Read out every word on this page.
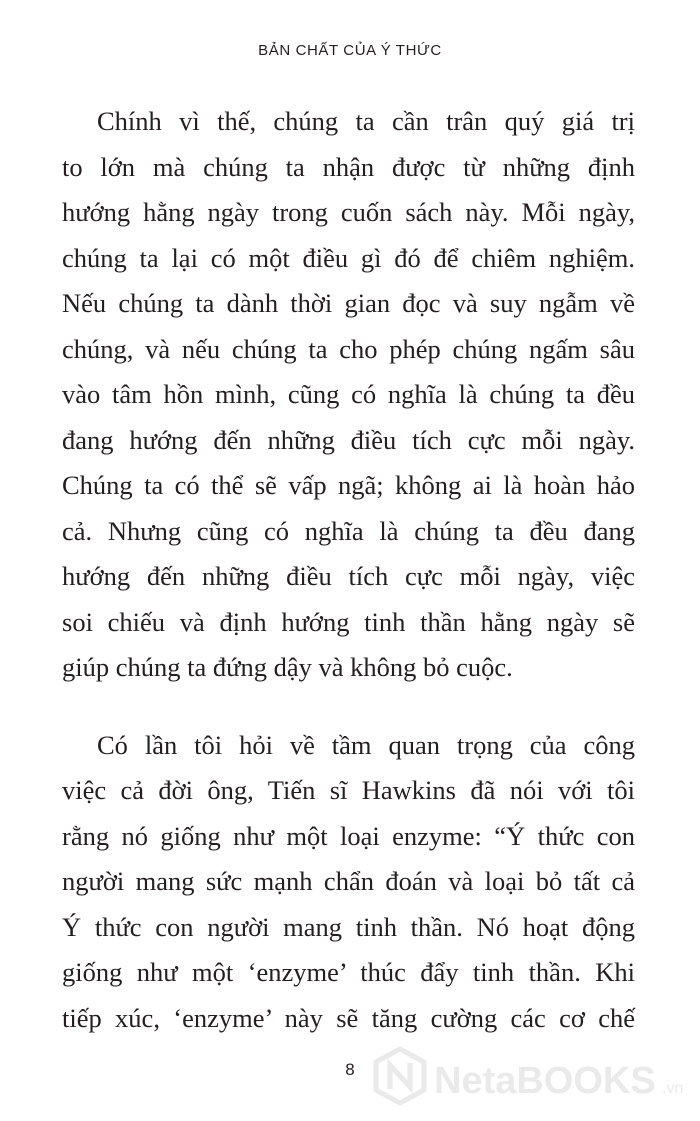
BẢN CHẤT CỦA Ý THỨC
Chính vì thế, chúng ta cần trân quý giá trị
to lớn mà chúng ta nhận được từ những định
hướng hằng ngày trong cuốn sách này. Mỗi ngày,
chúng ta lại có một điều gì đó để chiêm nghiệm.
Nếu chúng ta dành thời gian đọc và suy ngẫm về
chúng, và nếu chúng ta cho phép chúng ngấm sâu
vào tâm hồn mình, cũng có nghĩa là chúng ta đều
đang hướng đến những điều tích cực mỗi ngày.
Chúng ta có thể sẽ vấp ngã; không ai là hoàn hảo
cả. Nhưng cũng có nghĩa là chúng ta đều đang
hướng đến những điều tích cực mỗi ngày, việc
soi chiếu và định hướng tinh thần hằng ngày sẽ
giúp chúng ta đứng dậy và không bỏ cuộc.
Có lần tôi hỏi về tầm quan trọng của công
việc cả đời ông, Tiến sĩ Hawkins đã nói với tôi
rằng nó giống như một loại enzyme: “Ý thức con
người mang sức mạnh chẩn đoán và loại bỏ tất cả
Ý thức con người mang tinh thần. Nó hoạt động
giống như một ‘enzyme’ thúc đẩy tinh thần. Khi
tiếp xúc, ‘enzyme’ này sẽ tăng cường các cơ chế
8	NetaBOOKS .vn
